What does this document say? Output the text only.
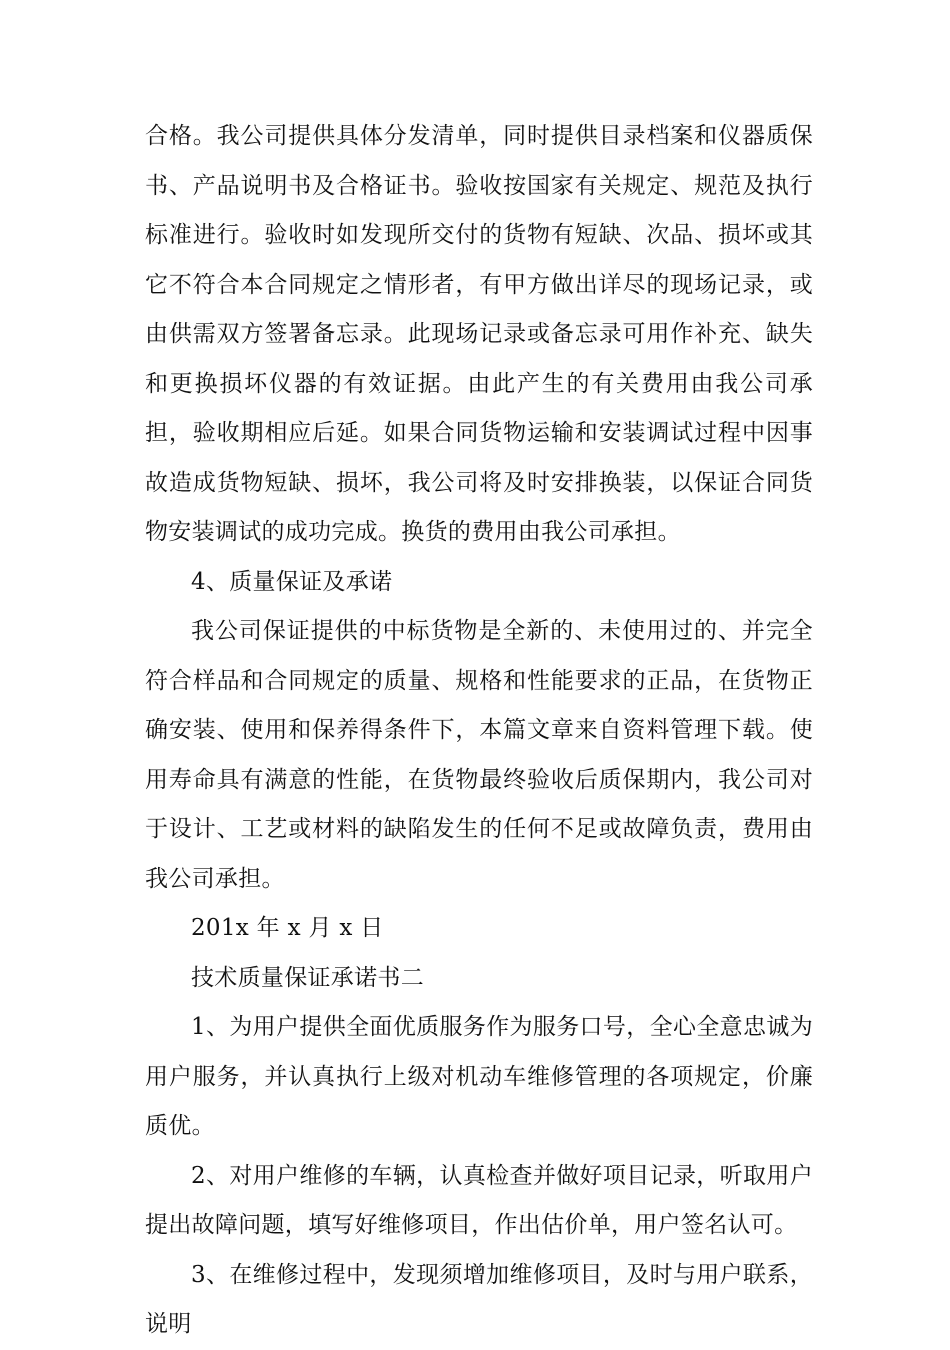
合格。我公司提供具体分发清单，同时提供目录档案和仪器质保书、产品说明书及合格证书。验收按国家有关规定、规范及执行标准进行。验收时如发现所交付的货物有短缺、次品、损坏或其它不符合本合同规定之情形者，有甲方做出详尽的现场记录，或由供需双方签署备忘录。此现场记录或备忘录可用作补充、缺失和更换损坏仪器的有效证据。由此产生的有关费用由我公司承担，验收期相应后延。如果合同货物运输和安装调试过程中因事故造成货物短缺、损坏，我公司将及时安排换装，以保证合同货物安装调试的成功完成。换货的费用由我公司承担。

4、质量保证及承诺

我公司保证提供的中标货物是全新的、未使用过的、并完全符合样品和合同规定的质量、规格和性能要求的正品，在货物正确安装、使用和保养得条件下，本篇文章来自资料管理下载。使用寿命具有满意的性能，在货物最终验收后质保期内，我公司对于设计、工艺或材料的缺陷发生的任何不足或故障负责，费用由我公司承担。

201x 年 x 月 x 日

技术质量保证承诺书二

1、为用户提供全面优质服务作为服务口号，全心全意忠诚为用户服务，并认真执行上级对机动车维修管理的各项规定，价廉质优。

2、对用户维修的车辆，认真检查并做好项目记录，听取用户提出故障问题，填写好维修项目，作出估价单，用户签名认可。

3、在维修过程中，发现须增加维修项目，及时与用户联系，说明
